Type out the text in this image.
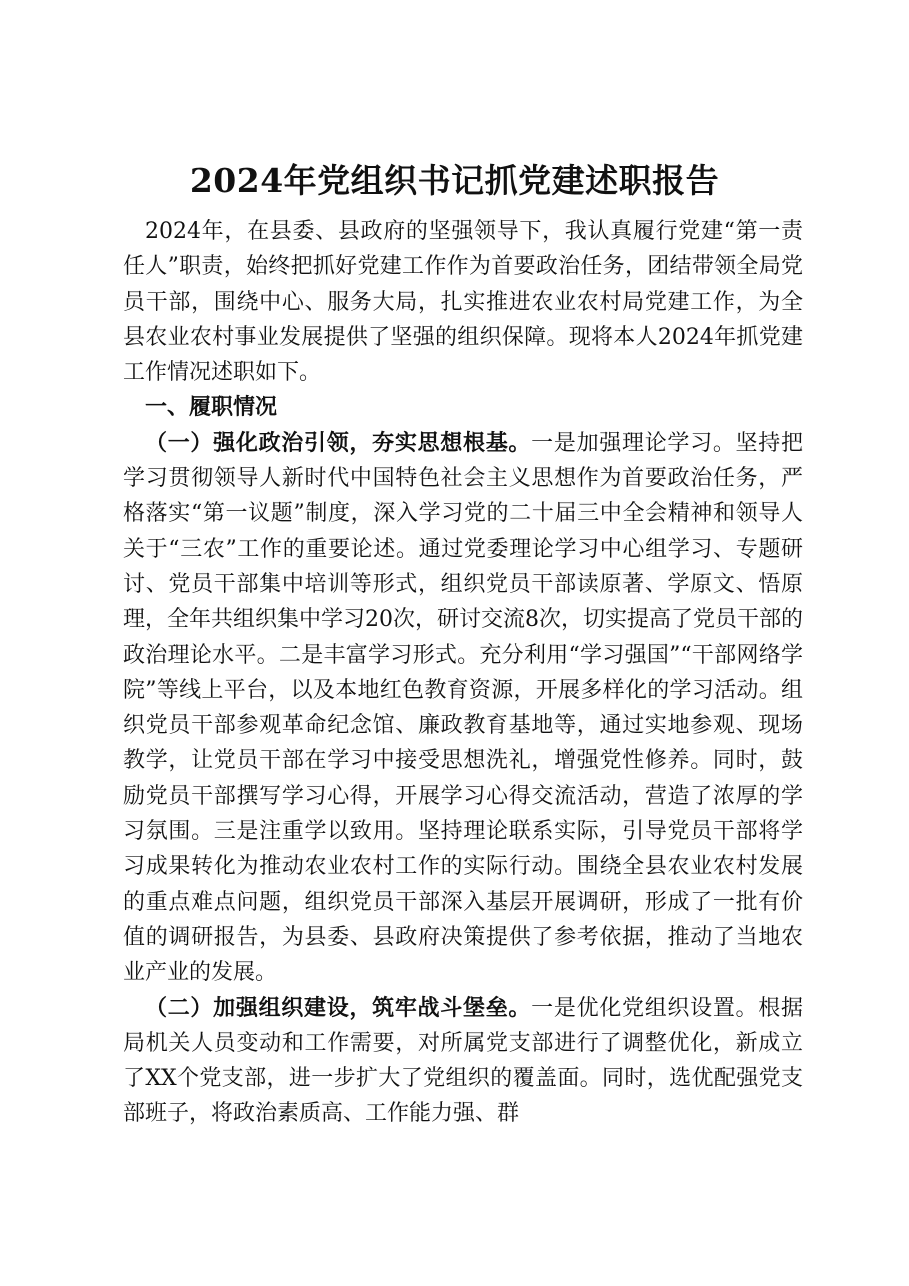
2024年党组织书记抓党建述职报告

2024年，在县委、县政府的坚强领导下，我认真履行党建“第一责任人”职责，始终把抓好党建工作作为首要政治任务，团结带领全局党员干部，围绕中心、服务大局，扎实推进农业农村局党建工作，为全县农业农村事业发展提供了坚强的组织保障。现将本人2024年抓党建工作情况述职如下。

一、履职情况

（一）强化政治引领，夯实思想根基。一是加强理论学习。坚持把学习贯彻领导人新时代中国特色社会主义思想作为首要政治任务，严格落实“第一议题”制度，深入学习党的二十届三中全会精神和领导人关于“三农”工作的重要论述。通过党委理论学习中心组学习、专题研讨、党员干部集中培训等形式，组织党员干部读原著、学原文、悟原理，全年共组织集中学习20次，研讨交流8次，切实提高了党员干部的政治理论水平。二是丰富学习形式。充分利用“学习强国”“干部网络学院”等线上平台，以及本地红色教育资源，开展多样化的学习活动。组织党员干部参观革命纪念馆、廉政教育基地等，通过实地参观、现场教学，让党员干部在学习中接受思想洗礼，增强党性修养。同时，鼓励党员干部撰写学习心得，开展学习心得交流活动，营造了浓厚的学习氛围。三是注重学以致用。坚持理论联系实际，引导党员干部将学习成果转化为推动农业农村工作的实际行动。围绕全县农业农村发展的重点难点问题，组织党员干部深入基层开展调研，形成了一批有价值的调研报告，为县委、县政府决策提供了参考依据，推动了当地农业产业的发展。

（二）加强组织建设，筑牢战斗堡垒。一是优化党组织设置。根据局机关人员变动和工作需要，对所属党支部进行了调整优化，新成立了XX个党支部，进一步扩大了党组织的覆盖面。同时，选优配强党支部班子，将政治素质高、工作能力强、群
